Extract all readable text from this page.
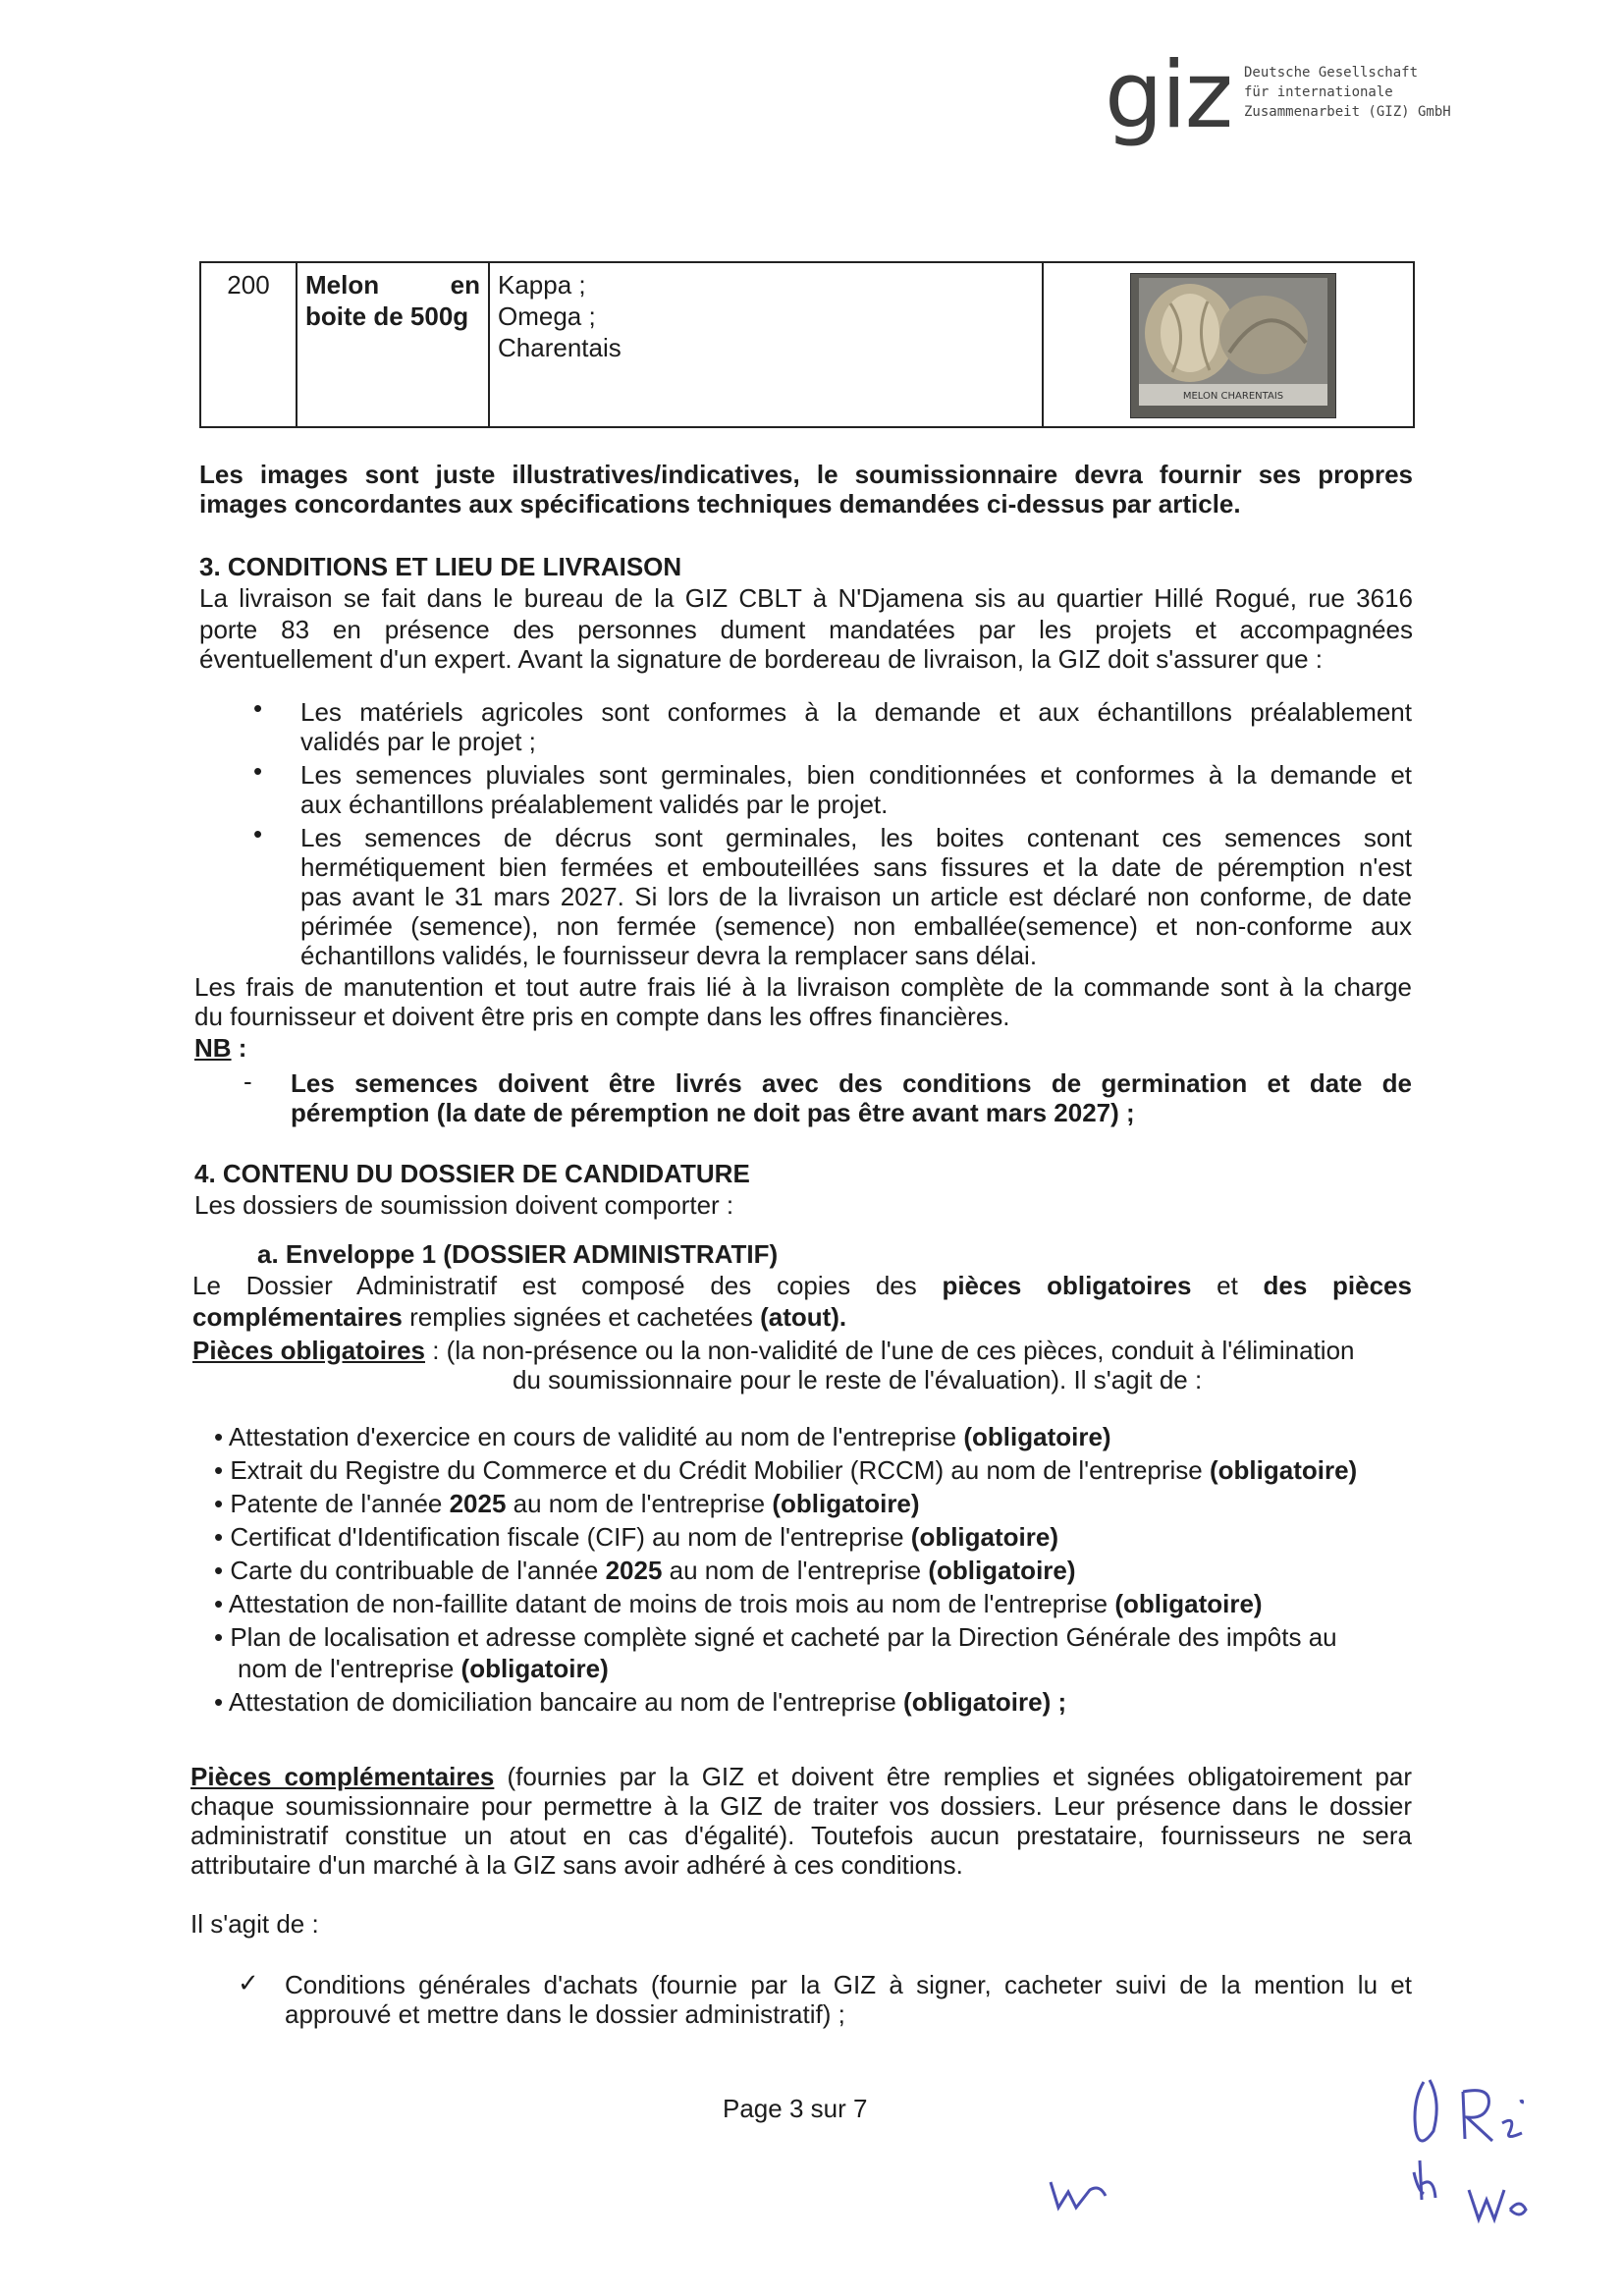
giz Deutsche Gesellschaft
für internationale
Zusammenarbeit (GIZ) GmbH
200	Melon	en
boite de 500g
Kappa ;
Omega ;
Charentais
MELON CHARENTAIS
Les images sont juste illustratives/indicatives, le soumissionnaire devra fournir ses propres
images concordantes aux spécifications techniques demandées ci-dessus par article.
3. CONDITIONS ET LIEU DE LIVRAISON
La livraison se fait dans le bureau de la GIZ CBLT à N'Djamena sis au quartier Hillé Rogué, rue 3616
porte 83 en présence des personnes dument mandatées par les projets et accompagnées
éventuellement d'un expert. Avant la signature de bordereau de livraison, la GIZ doit s'assurer que :
• Les matériels agricoles sont conformes à la demande et aux échantillons préalablement
validés par le projet ;
• Les semences pluviales sont germinales, bien conditionnées et conformes à la demande et
aux échantillons préalablement validés par le projet.
• Les semences de décrus sont germinales, les boites contenant ces semences sont
hermétiquement bien fermées et embouteillées sans fissures et la date de péremption n'est
pas avant le 31 mars 2027. Si lors de la livraison un article est déclaré non conforme, de date
périmée (semence), non fermée (semence) non emballée(semence) et non-conforme aux
échantillons validés, le fournisseur devra la remplacer sans délai.
Les frais de manutention et tout autre frais lié à la livraison complète de la commande sont à la charge
du fournisseur et doivent être pris en compte dans les offres financières.
NB :
- Les semences doivent être livrés avec des conditions de germination et date de
péremption (la date de péremption ne doit pas être avant mars 2027) ;
4. CONTENU DU DOSSIER DE CANDIDATURE
Les dossiers de soumission doivent comporter :
a. Enveloppe 1 (DOSSIER ADMINISTRATIF)
Le Dossier Administratif est composé des copies des pièces obligatoires et des pièces
complémentaires remplies signées et cachetées (atout).
Pièces obligatoires : (la non-présence ou la non-validité de l'une de ces pièces, conduit à l'élimination
du soumissionnaire pour le reste de l'évaluation). Il s'agit de :
• Attestation d'exercice en cours de validité au nom de l'entreprise (obligatoire)
• Extrait du Registre du Commerce et du Crédit Mobilier (RCCM) au nom de l'entreprise (obligatoire)
• Patente de l'année 2025 au nom de l'entreprise (obligatoire)
• Certificat d'Identification fiscale (CIF) au nom de l'entreprise (obligatoire)
• Carte du contribuable de l'année 2025 au nom de l'entreprise (obligatoire)
• Attestation de non-faillite datant de moins de trois mois au nom de l'entreprise (obligatoire)
• Plan de localisation et adresse complète signé et cacheté par la Direction Générale des impôts au
nom de l'entreprise (obligatoire)
• Attestation de domiciliation bancaire au nom de l'entreprise (obligatoire) ;
Pièces complémentaires (fournies par la GIZ et doivent être remplies et signées obligatoirement par
chaque soumissionnaire pour permettre à la GIZ de traiter vos dossiers. Leur présence dans le dossier
administratif constitue un atout en cas d'égalité). Toutefois aucun prestataire, fournisseurs ne sera
attributaire d'un marché à la GIZ sans avoir adhéré à ces conditions.
Il s'agit de :
✓ Conditions générales d'achats (fournie par la GIZ à signer, cacheter suivi de la mention lu et
approuvé et mettre dans le dossier administratif) ;
Page 3 sur 7
